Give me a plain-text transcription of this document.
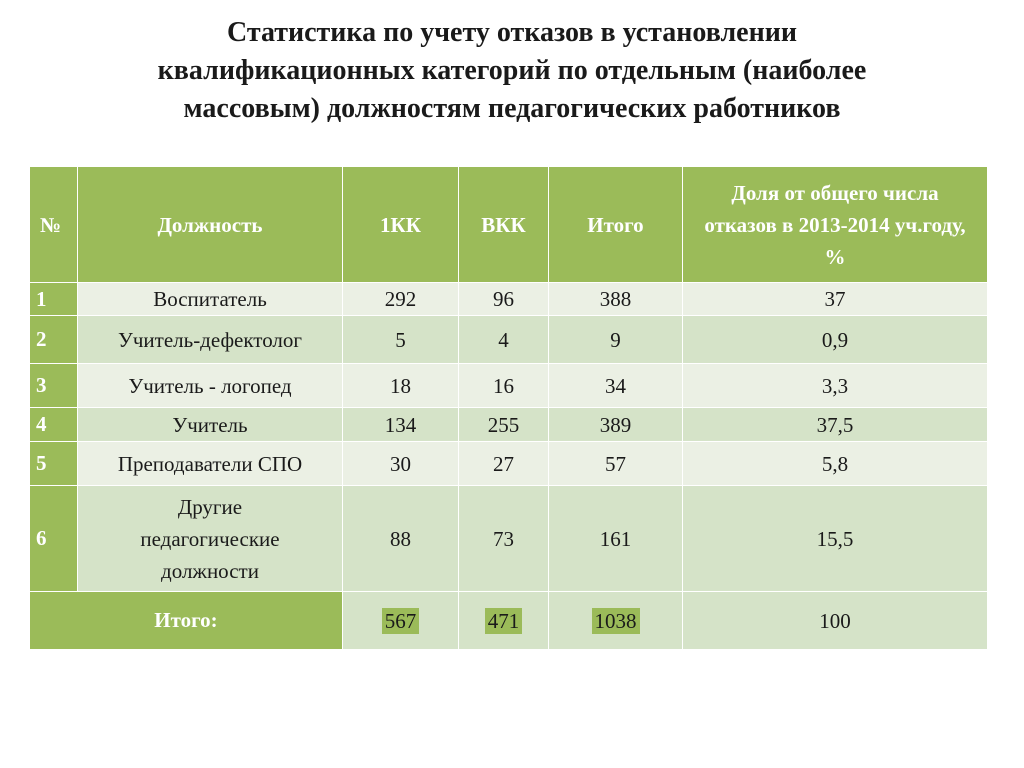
Статистика по учету отказов в установлении
квалификационных категорий по отдельным (наиболее
массовым) должностям педагогических работников
№	Должность	1КК	ВКК	Итого	Доля от общего числа отказов в 2013-2014 уч.году, %
1	Воспитатель	292	96	388	37
2	Учитель-дефектолог	5	4	9	0,9
3	Учитель - логопед	18	16	34	3,3
4	Учитель	134	255	389	37,5
5	Преподаватели СПО	30	27	57	5,8
6	Другие педагогические должности	88	73	161	15,5
Итого:		567	471	1038	100
